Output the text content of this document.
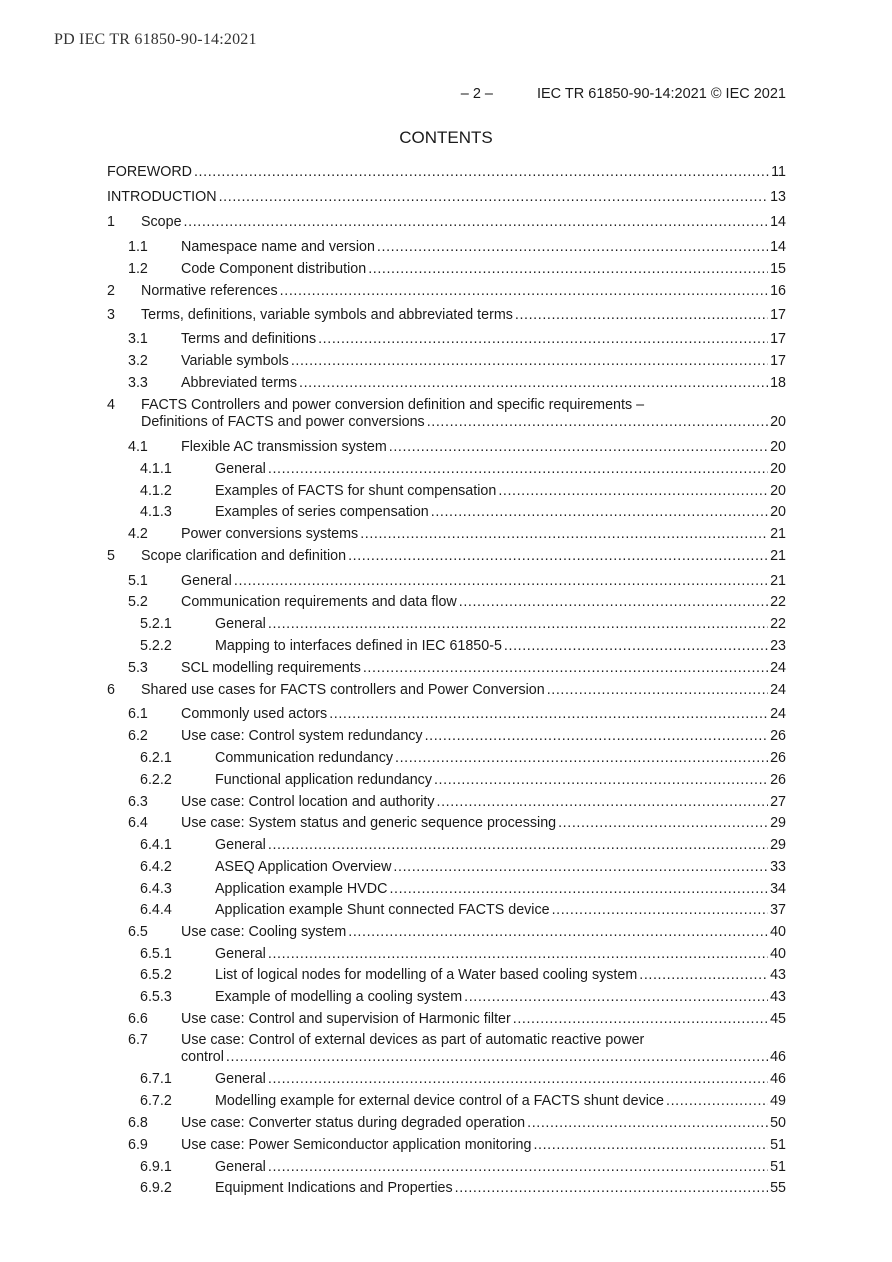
PD IEC TR 61850-90-14:2021
– 2 –	IEC TR 61850-90-14:2021 © IEC 2021
CONTENTS
FOREWORD .....	11
INTRODUCTION .....	13
1 Scope .....	14
1.1 Namespace name and version .....	14
1.2 Code Component distribution .....	15
2 Normative references .....	16
3 Terms, definitions, variable symbols and abbreviated terms .....	17
3.1 Terms and definitions .....	17
3.2 Variable symbols .....	17
3.3 Abbreviated terms .....	18
4	FACTS Controllers and power conversion definition and specific requirements –
Definitions of FACTS and power conversions .....	20
4.1 Flexible AC transmission system .....	20
4.1.1	General .....	20
4.1.2	Examples of FACTS for shunt compensation .....	20
4.1.3	Examples of series compensation .....	20
4.2 Power conversions systems .....	21
5 Scope clarification and definition .....	21
5.1 General .....	21
5.2 Communication requirements and data flow .....	22
5.2.1	General .....	22
5.2.2	Mapping to interfaces defined in IEC 61850-5 .....	23
5.3 SCL modelling requirements .....	24
6 Shared use cases for FACTS controllers and Power Conversion .....	24
6.1 Commonly used actors .....	24
6.2 Use case: Control system redundancy .....	26
6.2.1	Communication redundancy .....	26
6.2.2	Functional application redundancy .....	26
6.3 Use case: Control location and authority .....	27
6.4 Use case: System status and generic sequence processing .....	29
6.4.1	General .....	29
6.4.2	ASEQ Application Overview .....	33
6.4.3	Application example HVDC .....	34
6.4.4	Application example Shunt connected FACTS device .....	37
6.5 Use case: Cooling system .....	40
6.5.1	General .....	40
6.5.2	List of logical nodes for modelling of a Water based cooling system .....	43
6.5.3	Example of modelling a cooling system .....	43
6.6 Use case: Control and supervision of Harmonic filter .....	45
6.7	Use case: Control of external devices as part of automatic reactive power
control .....	46
6.7.1	General .....	46
6.7.2	Modelling example for external device control of a FACTS shunt device .....	49
6.8 Use case: Converter status during degraded operation .....	50
6.9 Use case: Power Semiconductor application monitoring .....	51
6.9.1	General .....	51
6.9.2	Equipment Indications and Properties .....	55
